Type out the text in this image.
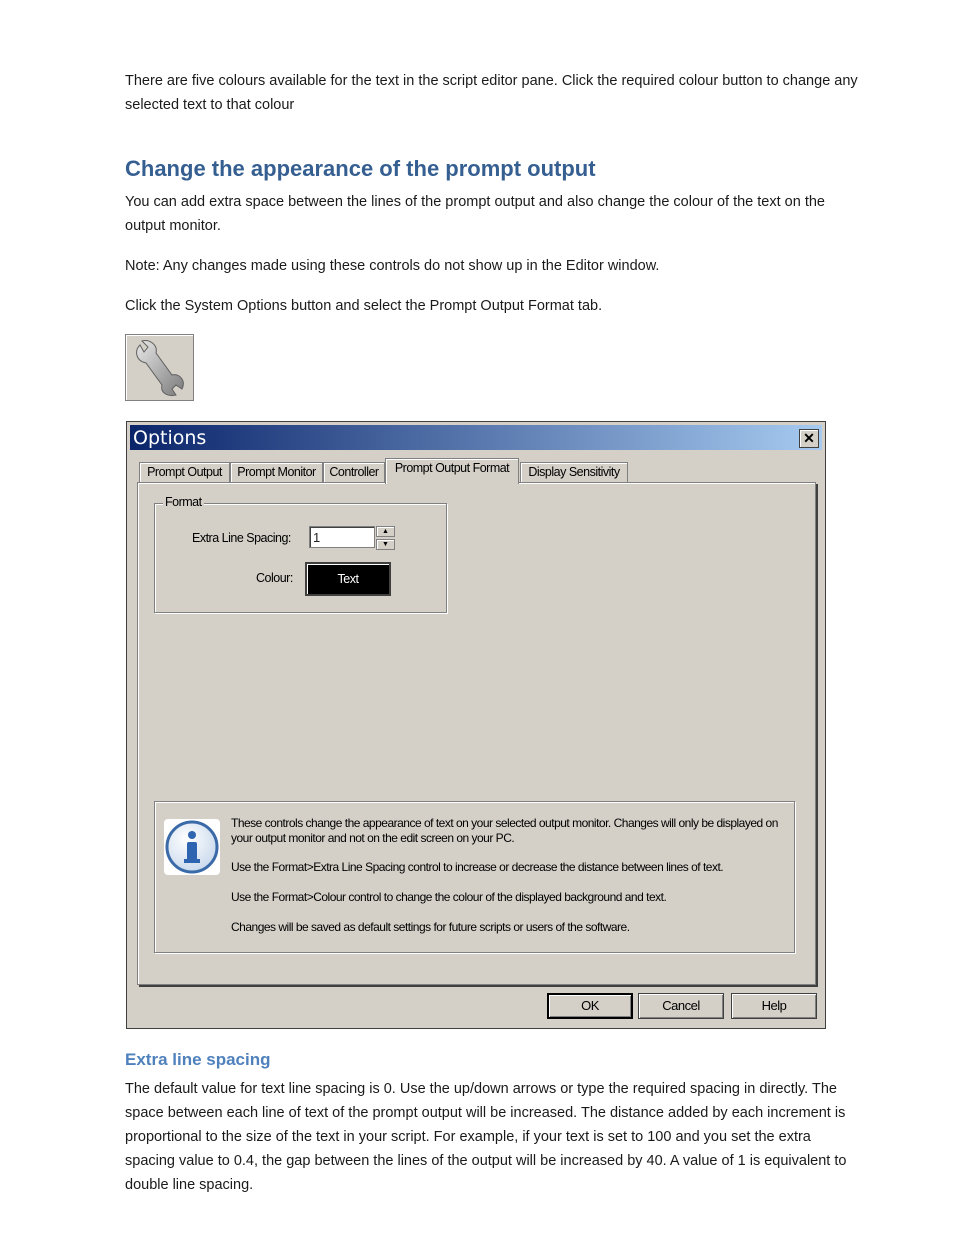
There are five colours available for the text in the script editor pane. Click the required colour button to change any selected text to that colour

Change the appearance of the prompt output

You can add extra space between the lines of the prompt output and also change the colour of the text on the output monitor.

Note: Any changes made using these controls do not show up in the Editor window.

Click the System Options button and select the Prompt Output Format tab.

Options	✕
Prompt Output	Prompt Monitor	Controller	Prompt Output Format	Display Sensitivity
Format
Extra Line Spacing:	1	▲
▼
Colour:	Text
These controls change the appearance of text on your selected output monitor. Changes will only be displayed on your output monitor and not on the edit screen on your PC.
Use the Format>Extra Line Spacing control to increase or decrease the distance between lines of text.
Use the Format>Colour control to change the colour of the displayed background and text.
Changes will be saved as default settings for future scripts or users of the software.
OK	Cancel	Help
Extra line spacing

The default value for text line spacing is 0. Use the up/down arrows or type the required spacing in directly. The space between each line of text of the prompt output will be increased. The distance added by each increment is proportional to the size of the text in your script. For example, if your text is set to 100 and you set the extra spacing value to 0.4, the gap between the lines of the output will be increased by 40. A value of 1 is equivalent to double line spacing.
